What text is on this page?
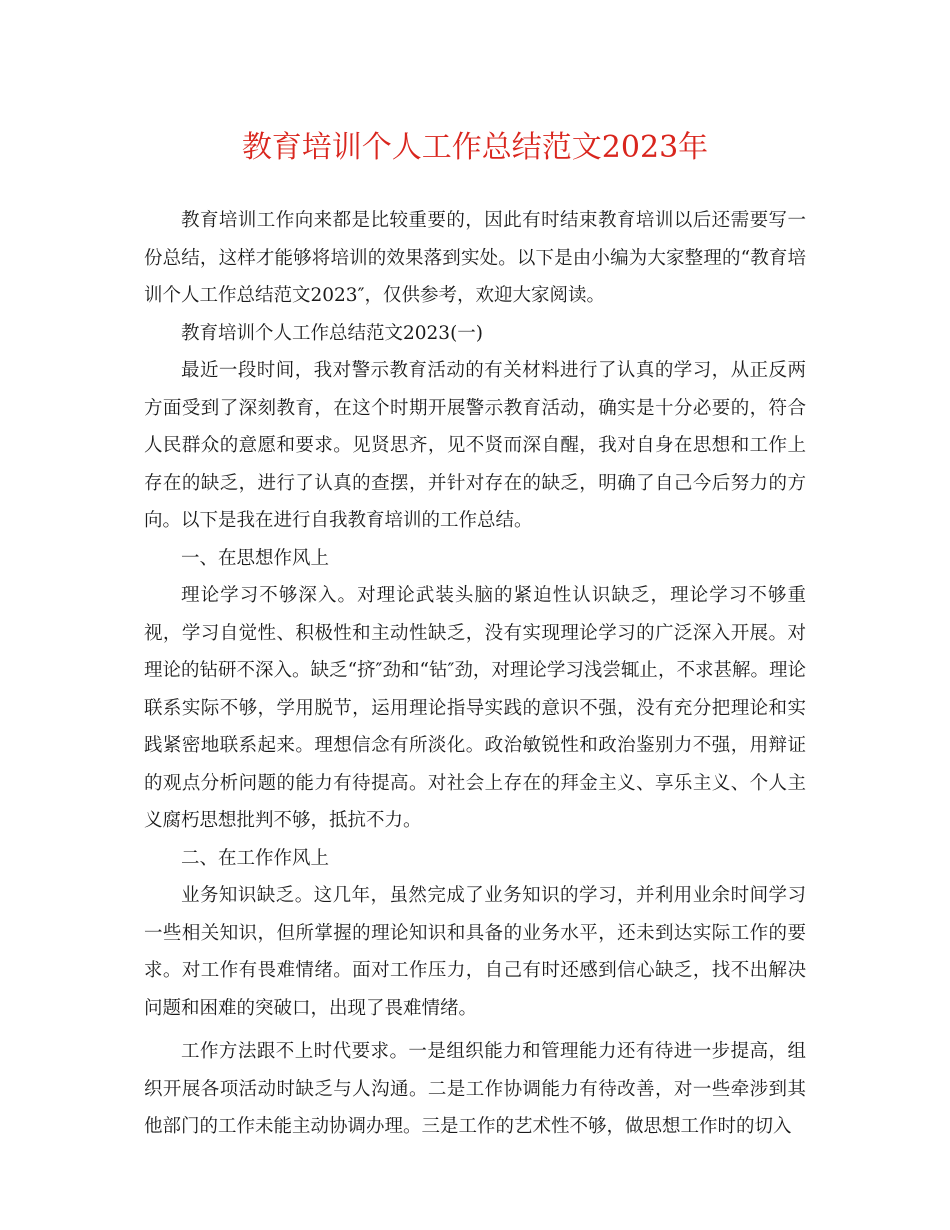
教育培训个人工作总结范文2023年

教育培训工作向来都是比较重要的，因此有时结束教育培训以后还需要写一份总结，这样才能够将培训的效果落到实处。以下是由小编为大家整理的“教育培训个人工作总结范文2023″，仅供参考，欢迎大家阅读。

教育培训个人工作总结范文2023(一)

最近一段时间，我对警示教育活动的有关材料进行了认真的学习，从正反两方面受到了深刻教育，在这个时期开展警示教育活动，确实是十分必要的，符合人民群众的意愿和要求。见贤思齐，见不贤而深自醒，我对自身在思想和工作上存在的缺乏，进行了认真的查摆，并针对存在的缺乏，明确了自己今后努力的方向。以下是我在进行自我教育培训的工作总结。

一、在思想作风上

理论学习不够深入。对理论武装头脑的紧迫性认识缺乏，理论学习不够重视，学习自觉性、积极性和主动性缺乏，没有实现理论学习的广泛深入开展。对理论的钻研不深入。缺乏“挤″劲和“钻″劲，对理论学习浅尝辄止，不求甚解。理论联系实际不够，学用脱节，运用理论指导实践的意识不强，没有充分把理论和实践紧密地联系起来。理想信念有所淡化。政治敏锐性和政治鉴别力不强，用辩证的观点分析问题的能力有待提高。对社会上存在的拜金主义、享乐主义、个人主义腐朽思想批判不够，抵抗不力。

二、在工作作风上

业务知识缺乏。这几年，虽然完成了业务知识的学习，并利用业余时间学习一些相关知识，但所掌握的理论知识和具备的业务水平，还未到达实际工作的要求。对工作有畏难情绪。面对工作压力，自己有时还感到信心缺乏，找不出解决问题和困难的突破口，出现了畏难情绪。

工作方法跟不上时代要求。一是组织能力和管理能力还有待进一步提高，组织开展各项活动时缺乏与人沟通。二是工作协调能力有待改善，对一些牵涉到其他部门的工作未能主动协调办理。三是工作的艺术性不够，做思想工作时的切入
